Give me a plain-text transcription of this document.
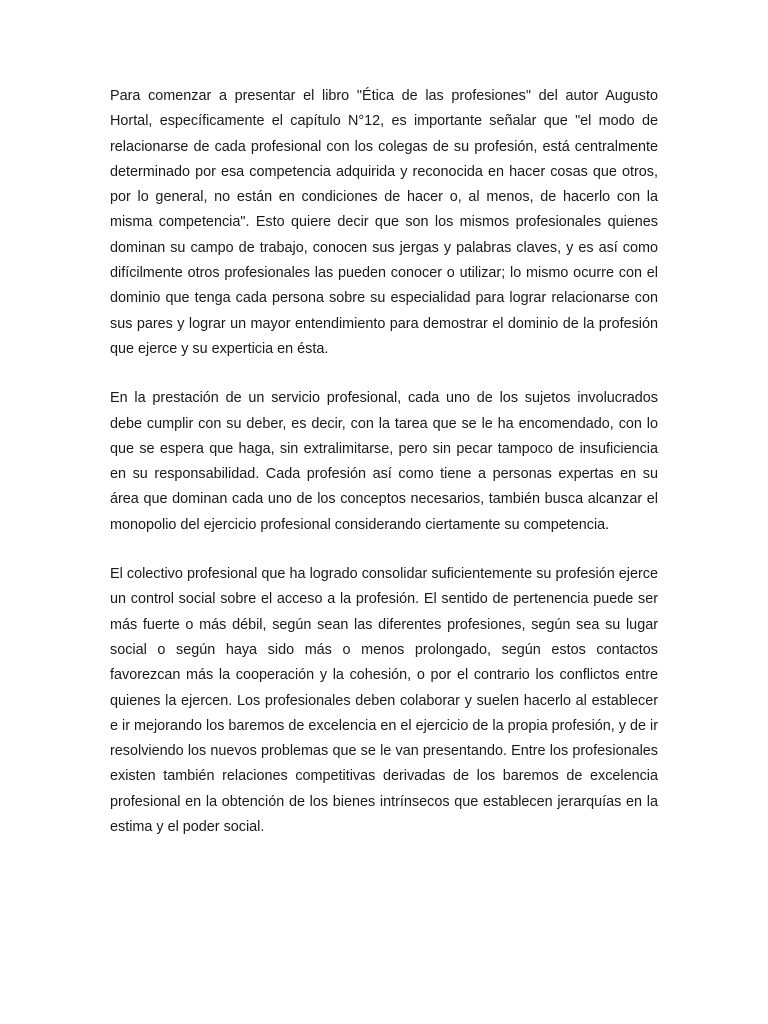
Para comenzar a presentar el libro "Ética de las profesiones" del autor Augusto Hortal, específicamente el capítulo N°12, es importante señalar que "el modo de relacionarse de cada profesional con los colegas de su profesión, está centralmente determinado por esa competencia adquirida y reconocida en hacer cosas que otros, por lo general, no están en condiciones de hacer o, al menos, de hacerlo con la misma competencia". Esto quiere decir que son los mismos profesionales quienes dominan su campo de trabajo, conocen sus jergas y palabras claves, y es así como difícilmente otros profesionales las pueden conocer o utilizar; lo mismo ocurre con el dominio que tenga cada persona sobre su especialidad para lograr relacionarse con sus pares y lograr un mayor entendimiento para demostrar el dominio de la profesión que ejerce y su experticia en ésta.

En la prestación de un servicio profesional, cada uno de los sujetos involucrados debe cumplir con su deber, es decir, con la tarea que se le ha encomendado, con lo que se espera que haga, sin extralimitarse, pero sin pecar tampoco de insuficiencia en su responsabilidad. Cada profesión así como tiene a personas expertas en su área que dominan cada uno de los conceptos necesarios, también busca alcanzar el monopolio del ejercicio profesional considerando ciertamente su competencia.

El colectivo profesional que ha logrado consolidar suficientemente su profesión ejerce un control social sobre el acceso a la profesión. El sentido de pertenencia puede ser más fuerte o más débil, según sean las diferentes profesiones, según sea su lugar social o según haya sido más o menos prolongado, según estos contactos favorezcan más la cooperación y la cohesión, o por el contrario los conflictos entre quienes la ejercen. Los profesionales deben colaborar y suelen hacerlo al establecer e ir mejorando los baremos de excelencia en el ejercicio de la propia profesión, y de ir resolviendo los nuevos problemas que se le van presentando. Entre los profesionales existen también relaciones competitivas derivadas de los baremos de excelencia profesional en la obtención de los bienes intrínsecos que establecen jerarquías en la estima y el poder social.
